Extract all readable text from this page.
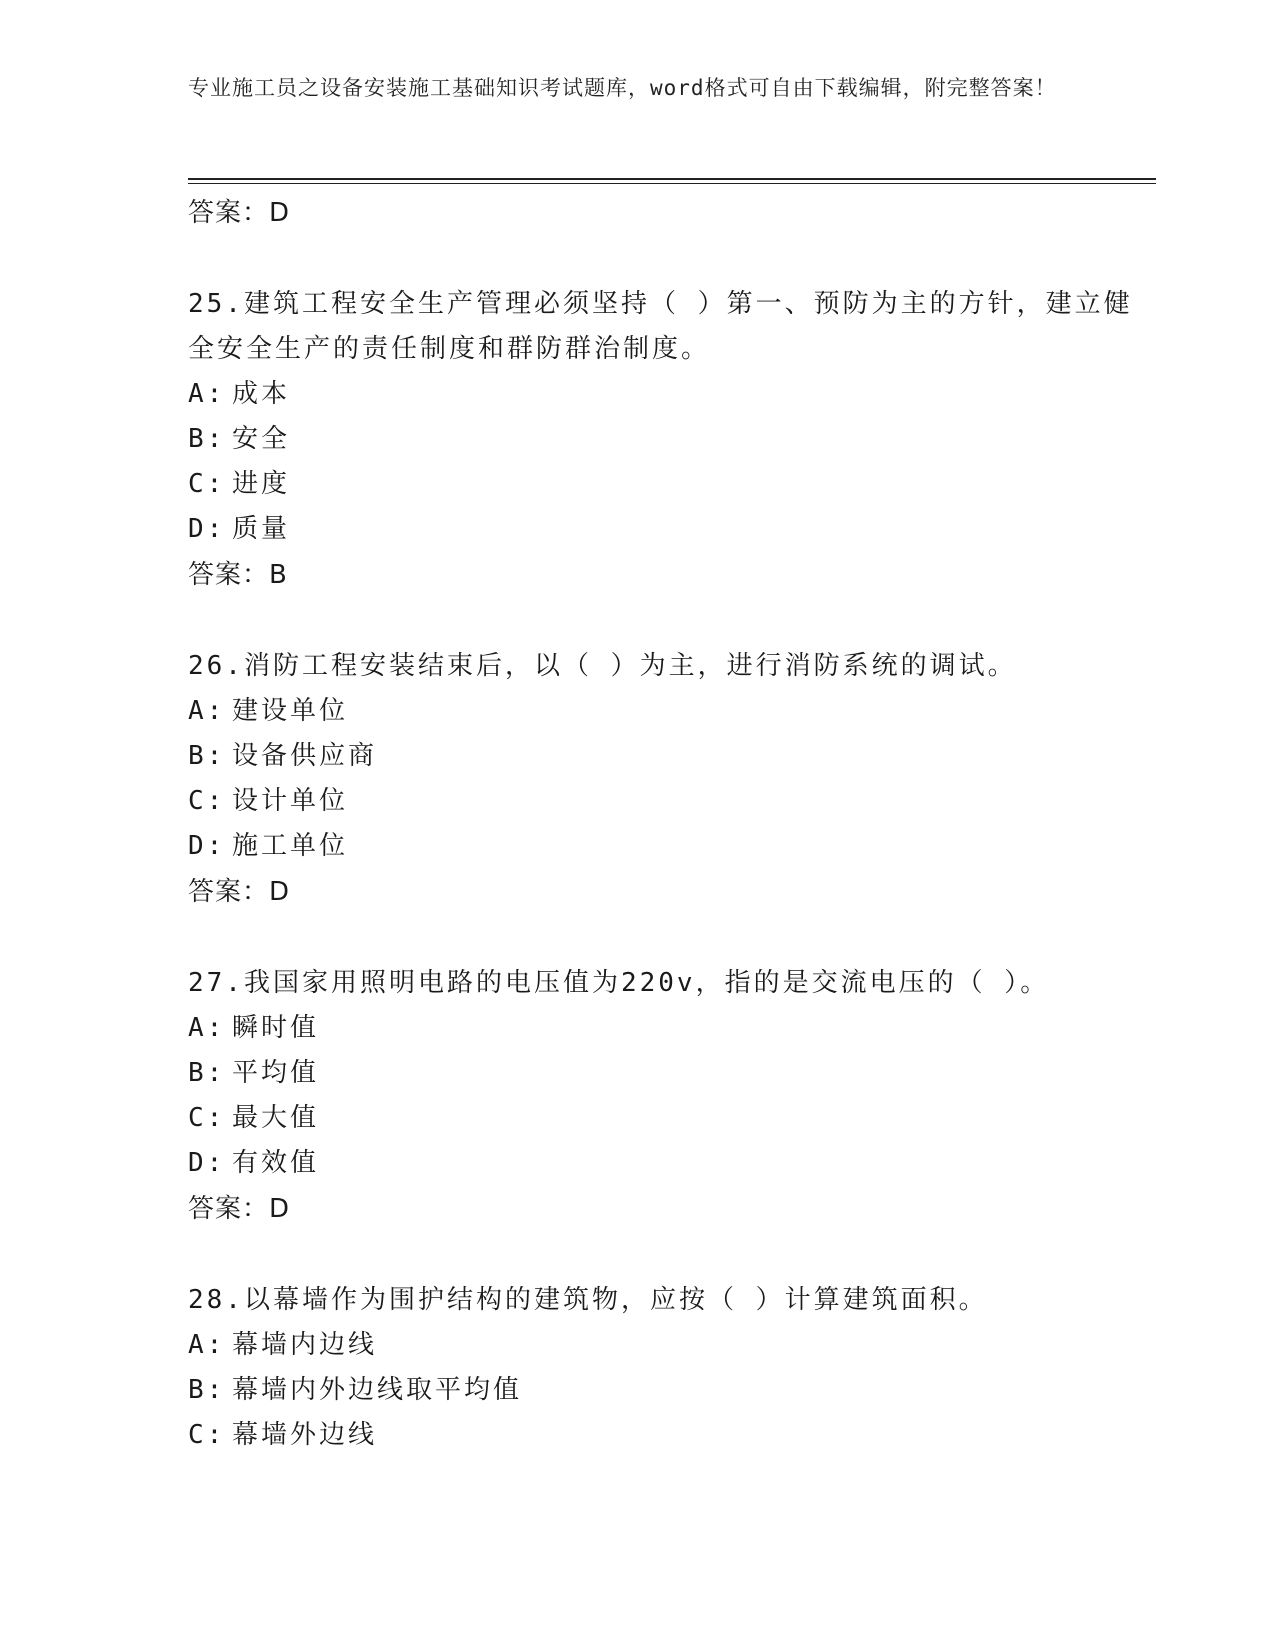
专业施工员之设备安装施工基础知识考试题库，word格式可自由下载编辑，附完整答案！
答案：D

25.建筑工程安全生产管理必须坚持（ ）第一、预防为主的方针，建立健全安全生产的责任制度和群防群治制度。

A: 成本
B: 安全
C: 进度
D: 质量
答案：B

26.消防工程安装结束后，以（ ）为主，进行消防系统的调试。

A: 建设单位
B: 设备供应商
C: 设计单位
D: 施工单位
答案：D

27.我国家用照明电路的电压值为220v，指的是交流电压的（ ）。

A: 瞬时值
B: 平均值
C: 最大值
D: 有效值
答案：D

28.以幕墙作为围护结构的建筑物，应按（ ）计算建筑面积。

A: 幕墙内边线
B: 幕墙内外边线取平均值
C: 幕墙外边线
